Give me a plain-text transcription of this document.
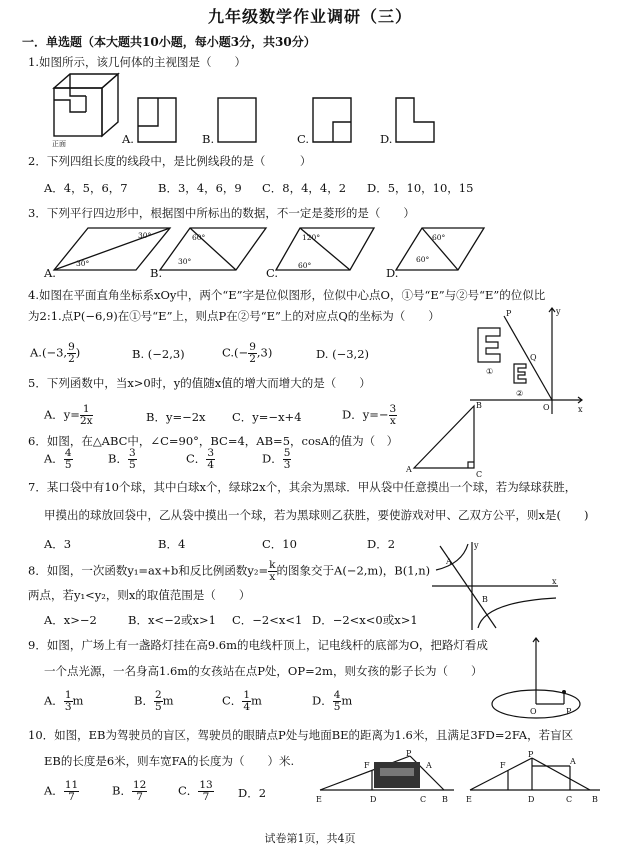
九年级数学作业调研（三）
一．单选题（本大题共10小题，每小题3分，共30分）
1.如图所示，该几何体的主视图是（　　）
正面	A.	B.	C.	D.
2．下列四组长度的线段中，是比例线段的是（　　　）
A．4，5，6，7	B．3，4，6，9 C．8，4，4，2 D．5，10，10，15
3．下列平行四边形中，根据图中所标出的数据，不一定是菱形的是（　　）
30°
30°
60°
30°
120°
60°
60°
60°
A.	B.	C.	D.
4.如图在平面直角坐标系xOy中，两个“E”字是位似图形，位似中心点O，①号“E”与②号“E”的位似比
为2:1.点P(−6,9)在①号“E”上，则点P在②号“E”上的对应点Q的坐标为（　　）
A.(−3, $\frac{9}{2}$ )	B. (−2,3)	$C.(- \frac{9}{2} ,3)$	D. (−3,2)
P
Q
①
②
O	x
y
5．下列函数中，当x>0时，y的值随x值的增大而增大的是（　　）
A．$y= \frac{1}{2x}$	B．y=−2x C．y=−x+4	D．$y=- \frac{3}{x}$
6．如图，在△ABC中，∠C=90°，BC=4，AB=5，cosA的值为（　）
A． $\frac{4}{5}$	B． $\frac{3}{5}$	C． $\frac{3}{4}$	D． $\frac{5}{3}$	A
B
C
7．某口袋中有10个球，其中白球x个，绿球2x个，其余为黑球．甲从袋中任意摸出一个球，若为绿球获胜，
甲摸出的球放回袋中，乙从袋中摸出一个球，若为黑球则乙获胜，要使游戏对甲、乙双方公平，则x是(　　)
A．3	B．4	C．10	D．2
8．如图，一次函数y₁=ax+b和反比例函数$y_2= \frac{k}{x}$ 的图象交于A(−2,m)，B(1,n)
两点，若y₁<y₂，则x的取值范围是（　　）
A．x>−2	B．x<−2或x>1 C．−2<x<1 D．−2<x<0或x>1
A
B
y
x
9．如图，广场上有一盏路灯挂在高9.6m的电线杆顶上，记电线杆的底部为O，把路灯看成
一个点光源，一名身高1.6m的女孩站在点P处，OP=2m，则女孩的影子长为（　　）
A． $\frac{1}{3}$ m	B． $\frac{2}{5}$ m	C． $\frac{1}{4}$ m	D． $\frac{4}{5}$ m
O	P
10．如图，EB为驾驶员的盲区，驾驶员的眼睛点P处与地面BE的距离为1.6米，且满足3FD=2FA，若盲区
EB的长度是6米，则车宽FA的长度为（　　）米.
A． $\frac{11}{7}$	B． $\frac{12}{7}$	C． $\frac{13}{7}$ D．2
P
F	A
E	D	C B
P
F	A
E	D	C B
试卷第1页，共4页
